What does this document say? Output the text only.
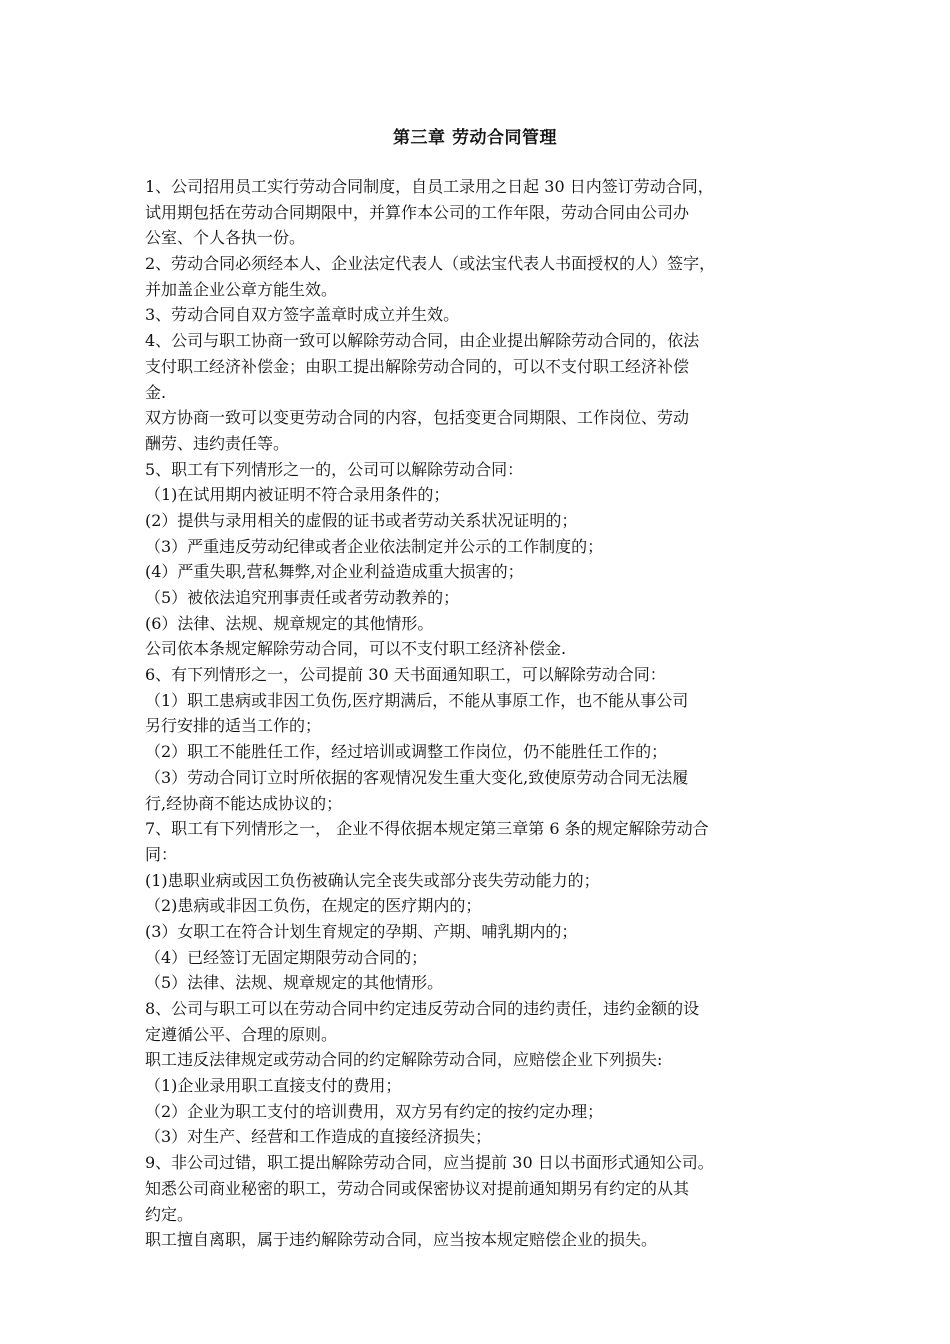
第三章 劳动合同管理
1、公司招用员工实行劳动合同制度，自员工录用之日起 30 日内签订劳动合同，
试用期包括在劳动合同期限中，并算作本公司的工作年限，劳动合同由公司办
公室、个人各执一份。
2、劳动合同必须经本人、企业法定代表人（或法宝代表人书面授权的人）签字，
并加盖企业公章方能生效。
3、劳动合同自双方签字盖章时成立并生效。
4、公司与职工协商一致可以解除劳动合同，由企业提出解除劳动合同的，依法
支付职工经济补偿金；由职工提出解除劳动合同的，可以不支付职工经济补偿
金.
双方协商一致可以变更劳动合同的内容，包括变更合同期限、工作岗位、劳动
酬劳、违约责任等。
5、职工有下列情形之一的，公司可以解除劳动合同：
（1)在试用期内被证明不符合录用条件的；
(2）提供与录用相关的虚假的证书或者劳动关系状况证明的；
（3）严重违反劳动纪律或者企业依法制定并公示的工作制度的；
(4）严重失职,营私舞弊,对企业利益造成重大损害的；
（5）被依法追究刑事责任或者劳动教养的；
(6）法律、法规、规章规定的其他情形。
公司依本条规定解除劳动合同，可以不支付职工经济补偿金.
6、有下列情形之一，公司提前 30 天书面通知职工，可以解除劳动合同：
（1）职工患病或非因工负伤,医疗期满后，不能从事原工作，也不能从事公司
另行安排的适当工作的；
（2）职工不能胜任工作，经过培训或调整工作岗位，仍不能胜任工作的；
（3）劳动合同订立时所依据的客观情况发生重大变化,致使原劳动合同无法履
行,经协商不能达成协议的；
7、职工有下列情形之一， 企业不得依据本规定第三章第 6 条的规定解除劳动合
同：
(1)患职业病或因工负伤被确认完全丧失或部分丧失劳动能力的；
（2)患病或非因工负伤，在规定的医疗期内的；
(3）女职工在符合计划生育规定的孕期、产期、哺乳期内的；
（4）已经签订无固定期限劳动合同的；
（5）法律、法规、规章规定的其他情形。
8、公司与职工可以在劳动合同中约定违反劳动合同的违约责任，违约金额的设
定遵循公平、合理的原则。
职工违反法律规定或劳动合同的约定解除劳动合同，应赔偿企业下列损失:
（1)企业录用职工直接支付的费用；
（2）企业为职工支付的培训费用，双方另有约定的按约定办理；
（3）对生产、经营和工作造成的直接经济损失；
9、非公司过错，职工提出解除劳动合同，应当提前 30 日以书面形式通知公司。
知悉公司商业秘密的职工，劳动合同或保密协议对提前通知期另有约定的从其
约定。
职工擅自离职，属于违约解除劳动合同，应当按本规定赔偿企业的损失。
